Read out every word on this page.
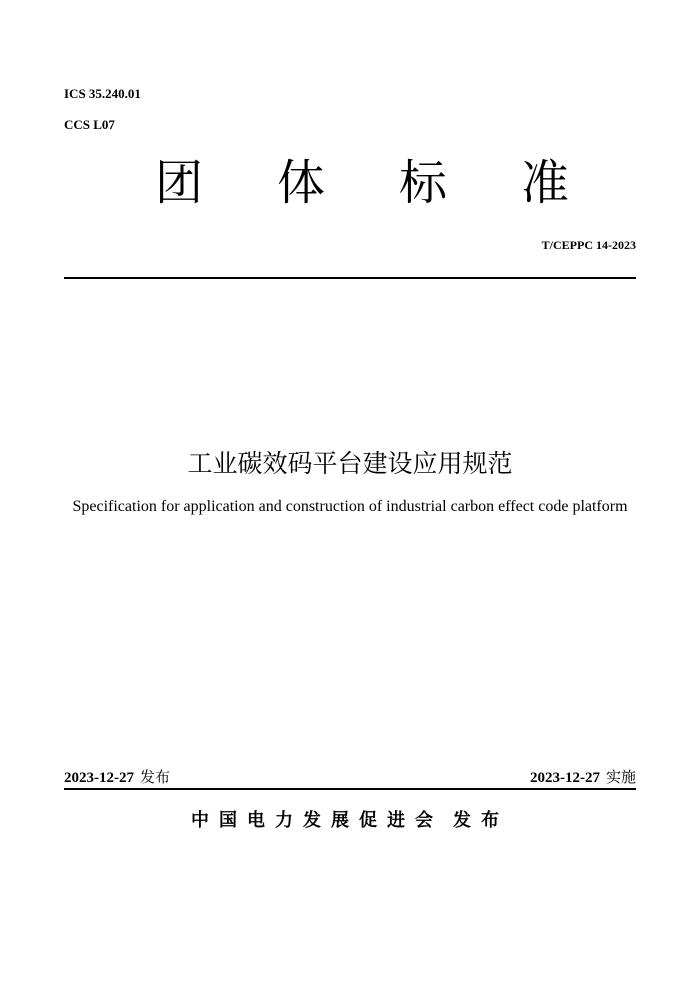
ICS 35.240.01
CCS L07
团 体 标 准
T/CEPPC 14-2023
工业碳效码平台建设应用规范
Specification for application and construction of industrial carbon effect code platform
2023-12-27 发布	2023-12-27 实施
中国电力发展促进会 发布
